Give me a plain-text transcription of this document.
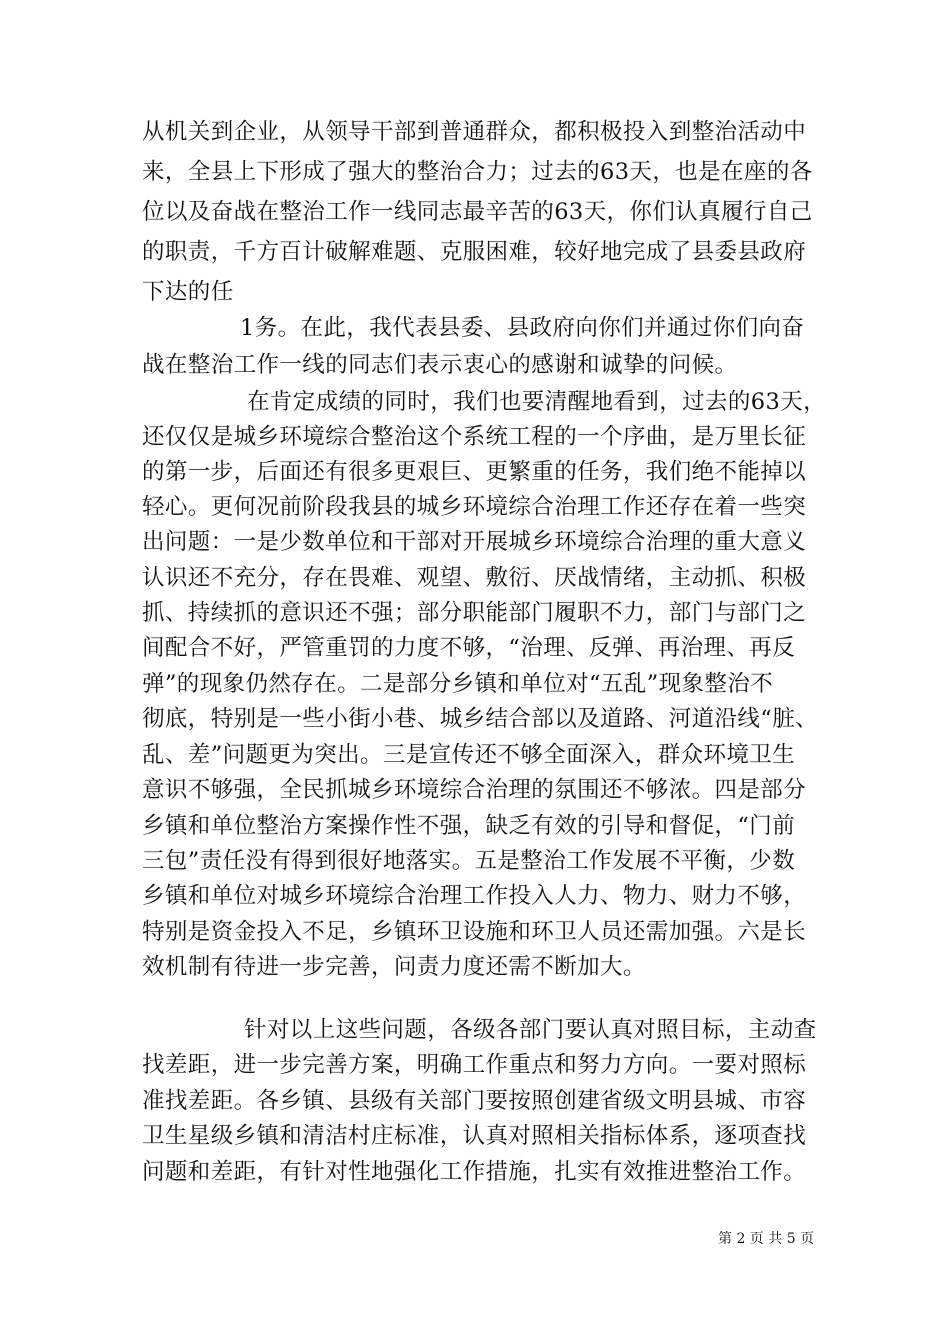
从机关到企业，从领导干部到普通群众，都积极投入到整治活动中
来，全县上下形成了强大的整治合力；过去的63天，也是在座的各
位以及奋战在整治工作一线同志最辛苦的63天，你们认真履行自己
的职责，千方百计破解难题、克服困难，较好地完成了县委县政府
下达的任
1务。在此，我代表县委、县政府向你们并通过你们向奋
战在整治工作一线的同志们表示衷心的感谢和诚挚的问候。
在肯定成绩的同时，我们也要清醒地看到，过去的63天，
还仅仅是城乡环境综合整治这个系统工程的一个序曲，是万里长征
的第一步，后面还有很多更艰巨、更繁重的任务，我们绝不能掉以
轻心。更何况前阶段我县的城乡环境综合治理工作还存在着一些突
出问题：一是少数单位和干部对开展城乡环境综合治理的重大意义
认识还不充分，存在畏难、观望、敷衍、厌战情绪，主动抓、积极
抓、持续抓的意识还不强；部分职能部门履职不力，部门与部门之
间配合不好，严管重罚的力度不够，“治理、反弹、再治理、再反
弹”的现象仍然存在。二是部分乡镇和单位对“五乱”现象整治不
彻底，特别是一些小街小巷、城乡结合部以及道路、河道沿线“脏、
乱、差”问题更为突出。三是宣传还不够全面深入，群众环境卫生
意识不够强，全民抓城乡环境综合治理的氛围还不够浓。四是部分
乡镇和单位整治方案操作性不强，缺乏有效的引导和督促，“门前
三包”责任没有得到很好地落实。五是整治工作发展不平衡，少数
乡镇和单位对城乡环境综合治理工作投入人力、物力、财力不够，
特别是资金投入不足，乡镇环卫设施和环卫人员还需加强。六是长
效机制有待进一步完善，问责力度还需不断加大。
针对以上这些问题，各级各部门要认真对照目标，主动查
找差距，进一步完善方案，明确工作重点和努力方向。一要对照标
准找差距。各乡镇、县级有关部门要按照创建省级文明县城、市容
卫生星级乡镇和清洁村庄标准，认真对照相关指标体系，逐项查找
问题和差距，有针对性地强化工作措施，扎实有效推进整治工作。
第 2 页 共 5 页
